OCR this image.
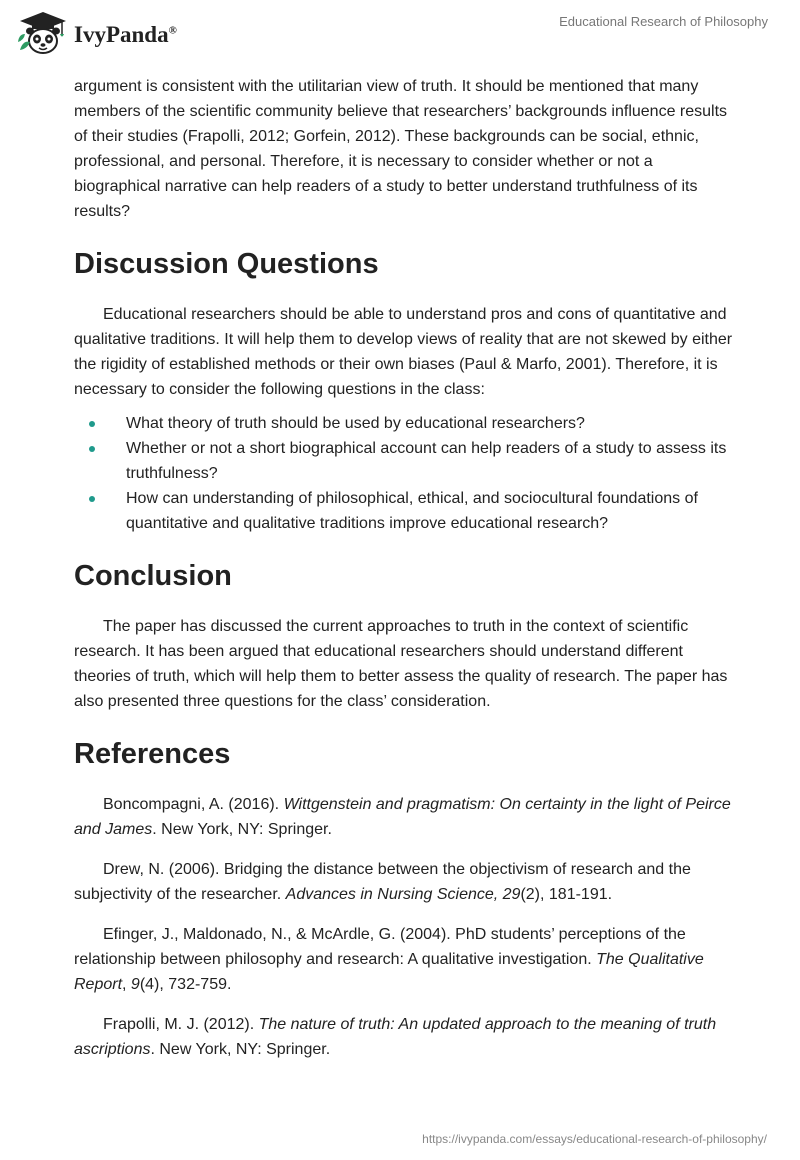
IvyPanda®
Educational Research of Philosophy

argument is consistent with the utilitarian view of truth. It should be mentioned that many members of the scientific community believe that researchers’ backgrounds influence results of their studies (Frapolli, 2012; Gorfein, 2012). These backgrounds can be social, ethnic, professional, and personal. Therefore, it is necessary to consider whether or not a biographical narrative can help readers of a study to better understand truthfulness of its results?

Discussion Questions

Educational researchers should be able to understand pros and cons of quantitative and qualitative traditions. It will help them to develop views of reality that are not skewed by either the rigidity of established methods or their own biases (Paul & Marfo, 2001). Therefore, it is necessary to consider the following questions in the class:

What theory of truth should be used by educational researchers?
Whether or not a short biographical account can help readers of a study to assess its truthfulness?
How can understanding of philosophical, ethical, and sociocultural foundations of quantitative and qualitative traditions improve educational research?
Conclusion

The paper has discussed the current approaches to truth in the context of scientific research. It has been argued that educational researchers should understand different theories of truth, which will help them to better assess the quality of research. The paper has also presented three questions for the class’ consideration.

References

Boncompagni, A. (2016). Wittgenstein and pragmatism: On certainty in the light of Peirce and James. New York, NY: Springer.

Drew, N. (2006). Bridging the distance between the objectivism of research and the subjectivity of the researcher. Advances in Nursing Science, 29(2), 181-191.

Efinger, J., Maldonado, N., & McArdle, G. (2004). PhD students’ perceptions of the relationship between philosophy and research: A qualitative investigation. The Qualitative Report, 9(4), 732-759.

Frapolli, M. J. (2012). The nature of truth: An updated approach to the meaning of truth ascriptions. New York, NY: Springer.

https://ivypanda.com/essays/educational-research-of-philosophy/
